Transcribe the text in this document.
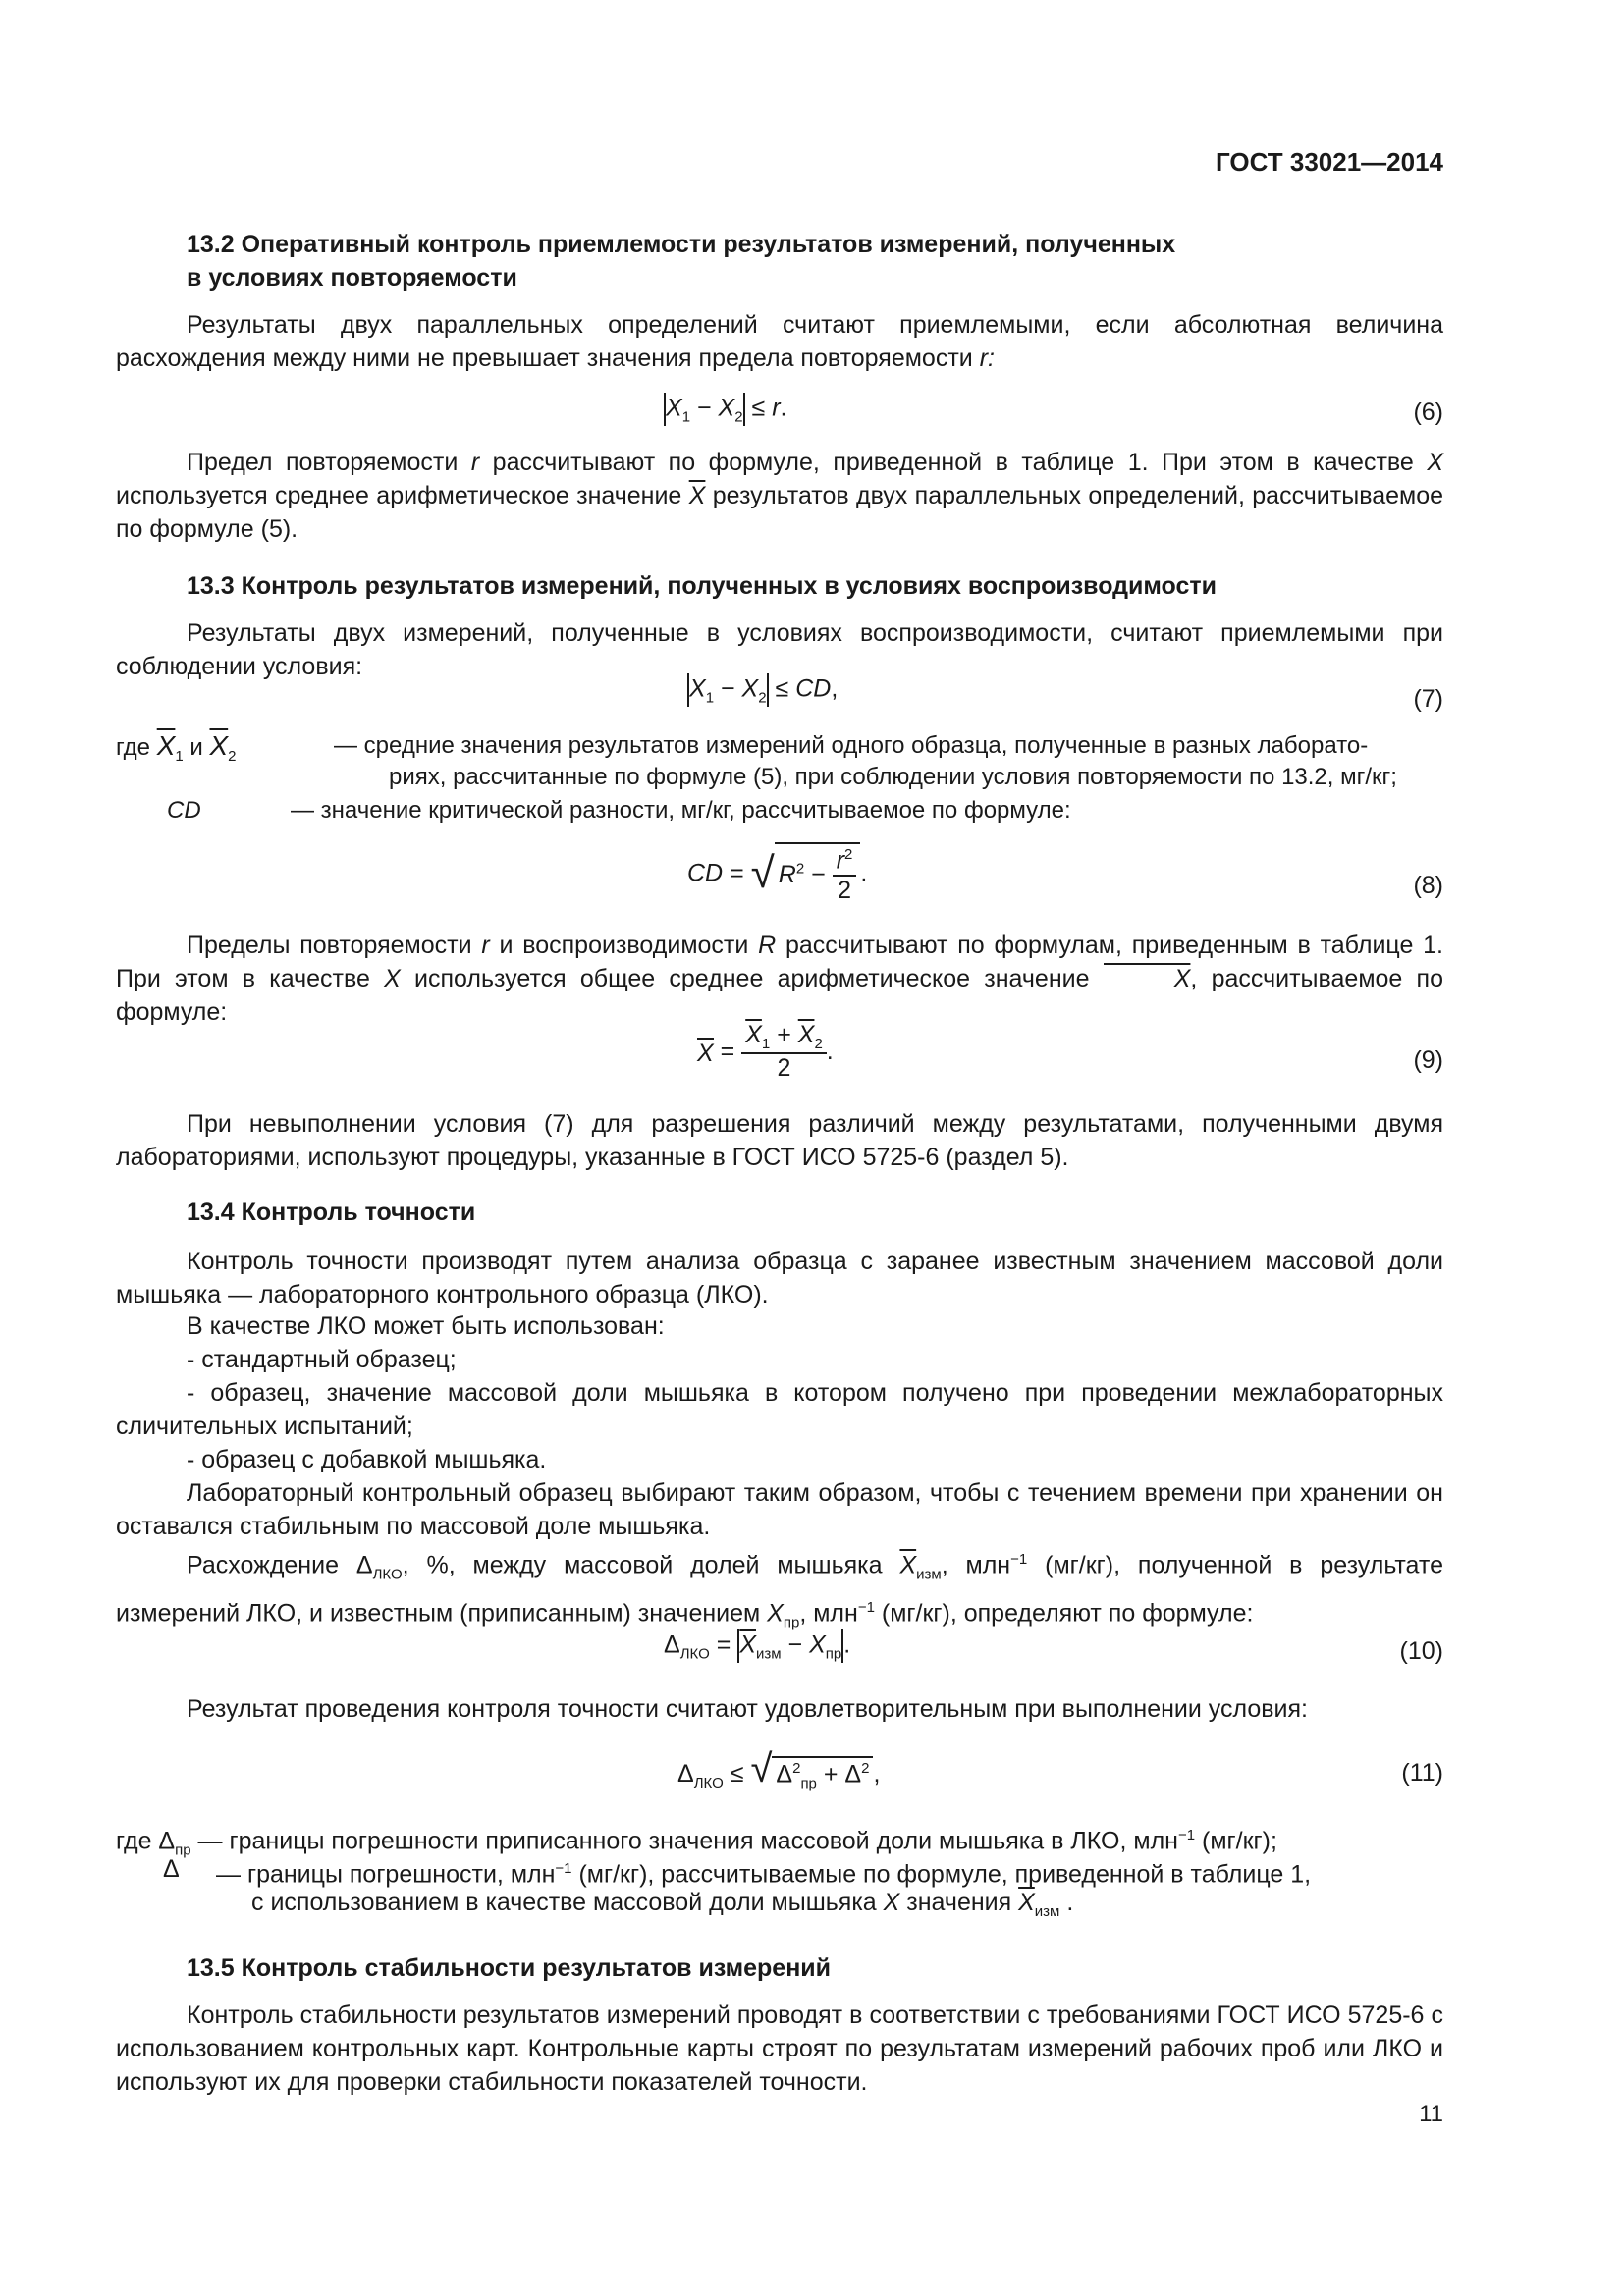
ГОСТ 33021—2014
13.2 Оперативный контроль приемлемости результатов измерений, полученных
в условиях повторяемости
Результаты двух параллельных определений считают приемлемыми, если абсолютная величина расхождения между ними не превышает значения предела повторяемости r:
$X_1 - X_2 \le r$.	(6)
Предел повторяемости r рассчитывают по формуле, приведенной в таблице 1. При этом в качестве X используется среднее арифметическое значение $\overline{X}$ результатов двух параллельных определений, рассчитываемое по формуле (5).
13.3 Контроль результатов измерений, полученных в условиях воспроизводимости
Результаты двух измерений, полученные в условиях воспроизводимости, считают приемлемыми при соблюдении условия:
$X_1 - X_2$ ≤ CD,	(7)
где $\overline{X}_1$ и $\overline{X}_2$	— средние значения результатов измерений одного образца, полученные в разных лаборато-
риях, рассчитанные по формуле (5), при соблюдении условия повторяемости по 13.2, мг/кг;
CD	— значение критической разности, мг/кг, рассчитываемое по формуле:
CD = √ $R^2 - \frac{r^2}{2}$ .	(8)
Пределы повторяемости r и воспроизводимости R рассчитывают по формулам, приведенным в таблице 1. При этом в качестве X используется общее среднее арифметическое значение	$\overline{X}$, рассчитываемое по формуле:
$\overline{X} = \frac{\overline{X}_1 + \overline{X}_2}{2}$ .	(9)
При невыполнении условия (7) для разрешения различий между результатами, полученными двумя лабораториями, используют процедуры, указанные в ГОСТ ИСО 5725-6 (раздел 5).
13.4 Контроль точности
Контроль точности производят путем анализа образца с заранее известным значением массовой доли мышьяка — лабораторного контрольного образца (ЛКО).
В качестве ЛКО может быть использован:
- стандартный образец;
- образец, значение массовой доли мышьяка в котором получено при проведении межлабораторных сличительных испытаний;
- образец с добавкой мышьяка.
Лабораторный контрольный образец выбирают таким образом, чтобы с течением времени при хранении он оставался стабильным по массовой доле мышьяка.
Расхождение $\Delta_{ЛКО}$, %, между массовой долей мышьяка $\overline{X}_{изм}$, млн$^{-1}$ (мг/кг), полученной в результате измерений ЛКО, и известным (приписанным) значением $X_{пр}$, млн$^{-1}$ (мг/кг), определяют по формуле:
$\Delta_{ЛКО} = \overline{X}_{изм} - X_{пр}$.	(10)
Результат проведения контроля точности считают удовлетворительным при выполнении условия:
$\Delta_{ЛКО}$ ≤ √ $\Delta^2_{пр} + \Delta^2$ ,	(11)
где $\Delta_{пр}$ — границы погрешности приписанного значения массовой доли мышьяка в ЛКО, млн$^{-1}$ (мг/кг);
Δ — границы погрешности, млн$^{-1}$ (мг/кг), рассчитываемые по формуле, приведенной в таблице 1,
с использованием в качестве массовой доли мышьяка X значения $\overline{X}_{изм}$ .
13.5 Контроль стабильности результатов измерений
Контроль стабильности результатов измерений проводят в соответствии с требованиями ГОСТ ИСО 5725-6 с использованием контрольных карт. Контрольные карты строят по результатам измерений рабочих проб или ЛКО и используют их для проверки стабильности показателей точности.
11
